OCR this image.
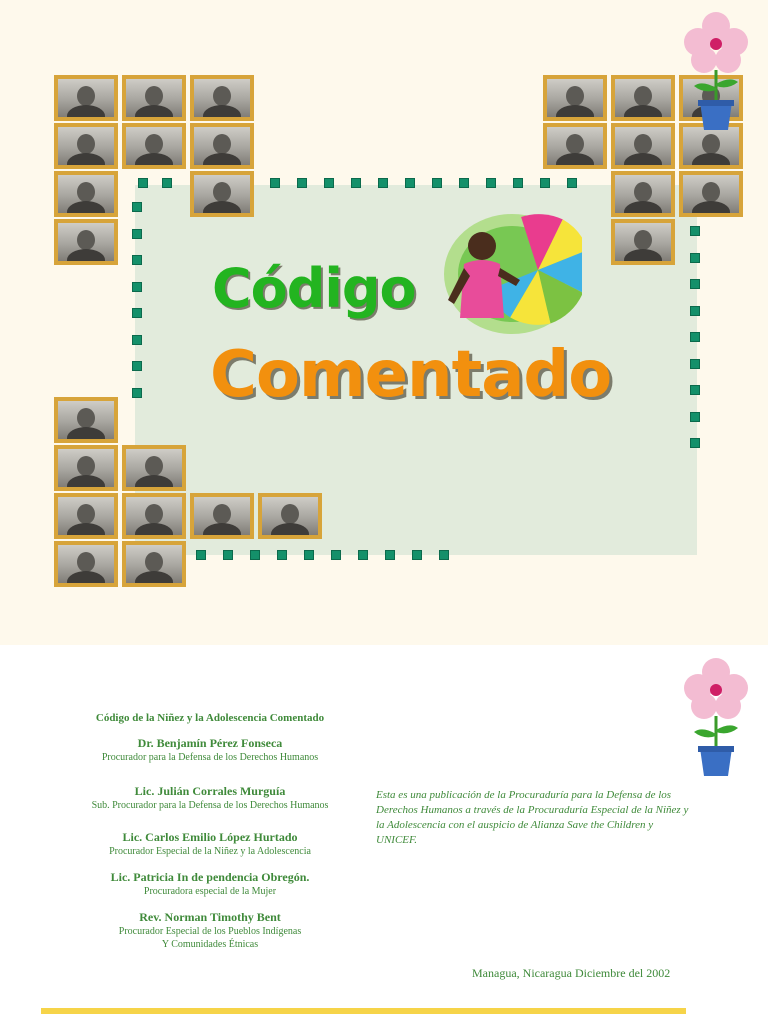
Código
Comentado
Código de la Niñez y la Adolescencia Comentado
Dr. Benjamín Pérez Fonseca
Procurador para la Defensa de los Derechos Humanos
Lic. Julián Corrales Murguía
Sub. Procurador para la Defensa de los Derechos Humanos
Lic. Carlos Emilio López Hurtado
Procurador Especial de la Niñez y la Adolescencia
Lic. Patricia In de pendencia Obregón.
Procuradora especial de la Mujer
Rev. Norman Timothy Bent
Procurador Especial de los Pueblos Indígenas
Y Comunidades Étnicas
Esta es una publicación de la Procuraduría para la Defensa de los Derechos Humanos a través de la Procuraduría Especial de la Niñez y la Adolescencia con el auspicio de Alianza Save the Children y UNICEF.
Managua, Nicaragua Diciembre del 2002
